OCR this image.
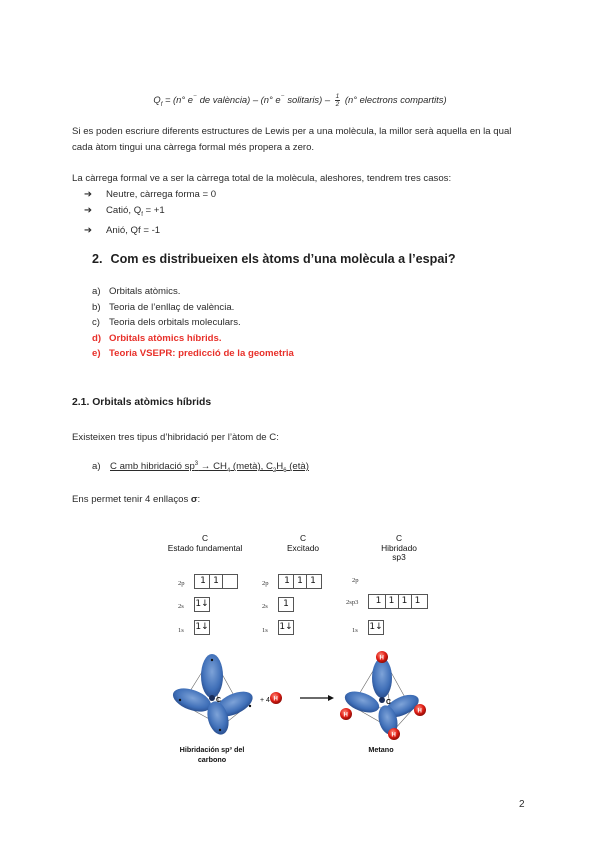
$Q_f = (n^\circ$ e⁻ de valència) – (n° e⁻ solitaris) – $\frac{1}{2} (n^\circ$ electrons compartits)
Si es poden escriure diferents estructures de Lewis per a una molècula, la millor serà aquella en la qual cada àtom tingui una càrrega formal més propera a zero.
La càrrega formal ve a ser la càrrega total de la molècula, aleshores, tendrem tres casos:
➔ Neutre, càrrega forma = 0
➔ Catió, $Q_f = +1$
➔ Anió, Qf = -1
2. Com es distribueixen els àtoms d’una molècula a l’espai?
a) Orbitals atòmics.
b) Teoria de l’enllaç de valència.
c) Teoria dels orbitals moleculars.
d) Orbitals atòmics híbrids.
e) Teoria VSEPR: predicció de la geometria
2.1. Orbitals atòmics híbrids
Existeixen tres tipus d’hibridació per l’àtom de C:
a) C amb hibridació $sp^3 \to CH_4$ (metà), $C_2H_6$ (età)
Ens permet tenir 4 enllaços σ:
C
Estado fundamental
C
Excitado
C
Hibridado
sp3
2p	1 1
2s 1↓
1s 1↓
2p	1 1 1
2s	1
1s 1↓
2p
2sp3	1 1 1 1
1s 1↓
C	+ 4 H	C
H
H
H
H
Hibridación sp³ del carbono
Metano
2
